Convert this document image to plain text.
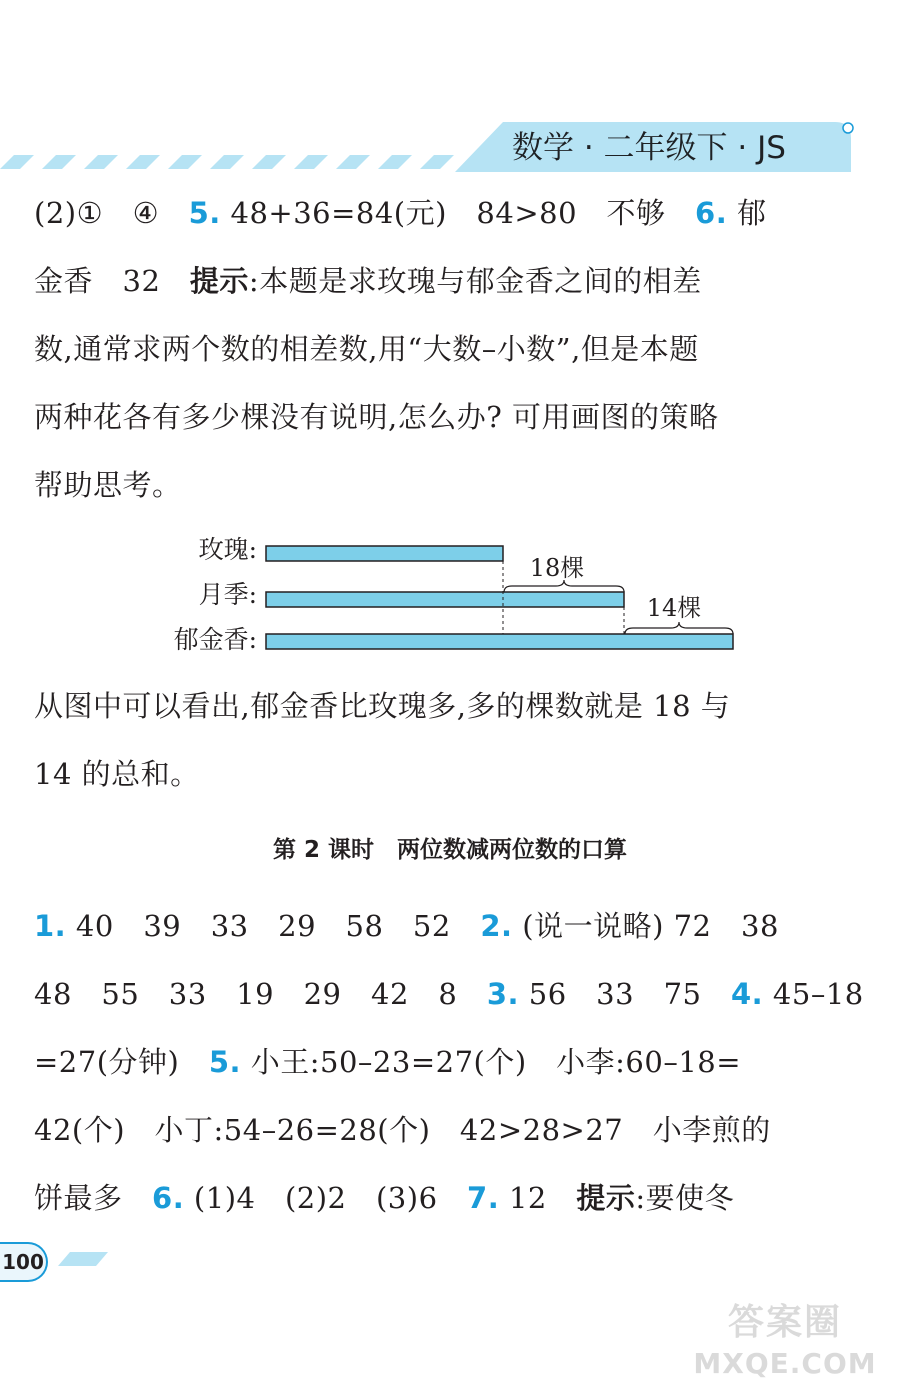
数学 · 二年级下 · JS
(2)①　④　5. 48+36=84(元)　84>80　不够　6. 郁
金香　32　提示:本题是求玫瑰与郁金香之间的相差
数,通常求两个数的相差数,用“大数–小数”,但是本题
两种花各有多少棵没有说明,怎么办? 可用画图的策略
帮助思考。
玫瑰:
月季:
郁金香:
18棵
14棵
从图中可以看出,郁金香比玫瑰多,多的棵数就是 18 与
14 的总和。
第 2 课时　两位数减两位数的口算
1. 40　39　33　29　58　52　2. (说一说略) 72　38
48　55　33　19　29　42　8　3. 56　33　75　4. 45–18
=27(分钟)　5. 小王:50–23=27(个)　小李:60–18=
42(个)　小丁:54–26=28(个)　42>28>27　小李煎的
饼最多　6. (1)4　(2)2　(3)6　7. 12　提示:要使冬
100
答案圈
MXQE.COM
